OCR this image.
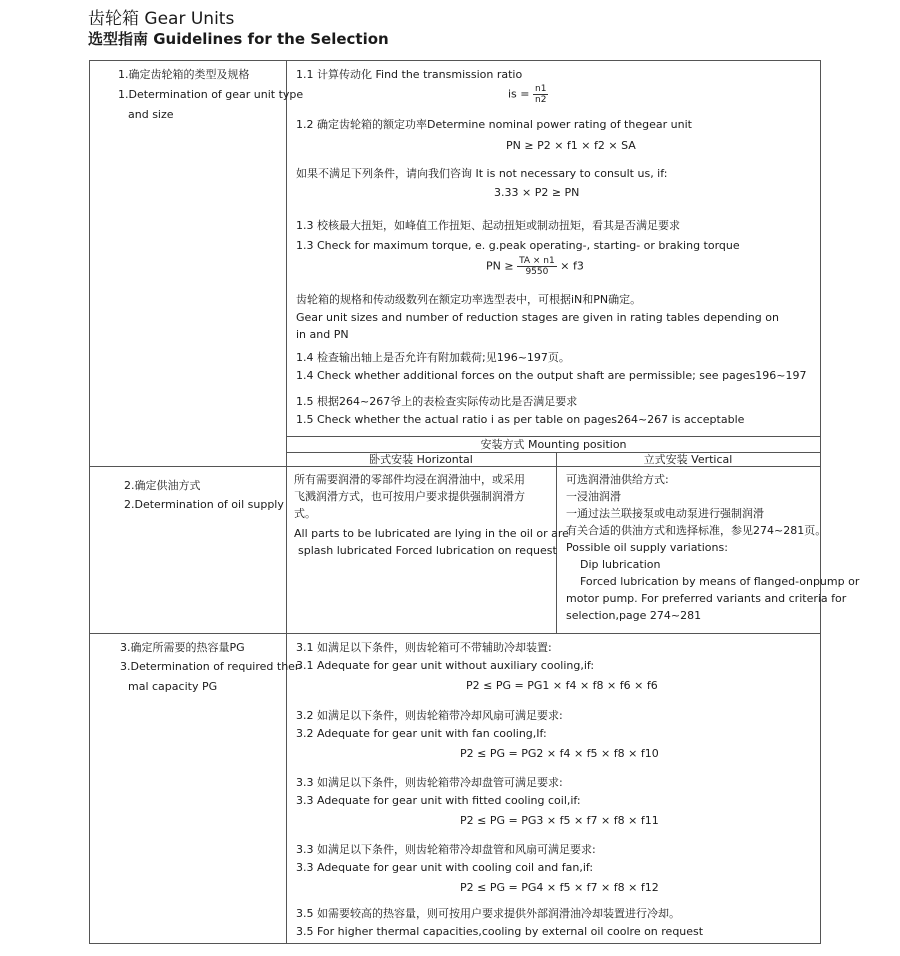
齿轮箱 Gear Units
选型指南 Guidelines for the Selection
1.确定齿轮箱的类型及规格
1.Determination of gear unit type
and size
1.1 计算传动化 Find the transmission ratio
is = $\frac{n1}{n2}$
1.2 确定齿轮箱的额定功率Determine nominal power rating of thegear unit
PN ≥ P2 × f1 × f2 × SA
如果不满足下列条件，请向我们咨询 It is not necessary to consult us, if:
3.33 × P2 ≥ PN
1.3 校核最大扭矩，如峰值工作扭矩、起动扭矩或制动扭矩，看其是否满足要求
1.3 Check for maximum torque, e. g.peak operating-, starting- or braking torque
PN ≥ $\frac{TA \times n1}{9550} \times f3$
齿轮箱的规格和传动级数列在额定功率选型表中，可根据iN和PN确定。
Gear unit sizes and number of reduction stages are given in rating tables depending on
in and PN
1.4 检查输出轴上是否允许有附加载荷;见196~197页。
1.4 Check whether additional forces on the output shaft are permissible; see pages196~197
1.5 根据264~267爷上的表检查实际传动比是否满足要求
1.5 Check whether the actual ratio i as per table on pages264~267 is acceptable
安装方式 Mounting position
卧式安装 Horizontal	立式安装 Vertical
2.确定供油方式
2.Determination of oil supply
所有需要润滑的零部件均浸在润滑油中，或采用
飞溅润滑方式，也可按用户要求提供强制润滑方
式。
All parts to be lubricated are lying in the oil or are
splash lubricated Forced lubrication on request
可选润滑油供给方式:
一浸油润滑
一通过法兰联接泵或电动泵进行强制润滑
有关合适的供油方式和选择标准，参见274~281页。
Possible oil supply variations:
Dip lubrication
Forced lubrication by means of flanged-onpump or
motor pump. For preferred variants and criteria for
selection,page 274~281
3.确定所需要的热容量PG
3.Determination of required ther-
mal capacity PG
3.1 如满足以下条件，则齿轮箱可不带辅助冷却装置:
3.1 Adequate for gear unit without auxiliary cooling,if:
P2 ≤ PG = PG1 × f4 × f8 × f6 × f6
3.2 如满足以下条件，则齿轮箱带冷却风扇可满足要求:
3.2 Adequate for gear unit with fan cooling,If:
P2 ≤ PG = PG2 × f4 × f5 × f8 × f10
3.3 如满足以下条件，则齿轮箱带冷却盘管可满足要求:
3.3 Adequate for gear unit with fitted cooling coil,if:
P2 ≤ PG = PG3 × f5 × f7 × f8 × f11
3.3 如满足以下条件，则齿轮箱带冷却盘管和风扇可满足要求:
3.3 Adequate for gear unit with cooling coil and fan,if:
P2 ≤ PG = PG4 × f5 × f7 × f8 × f12
3.5 如需要较高的热容量，则可按用户要求提供外部润滑油冷却装置进行冷却。
3.5 For higher thermal capacities,cooling by external oil coolre on request
